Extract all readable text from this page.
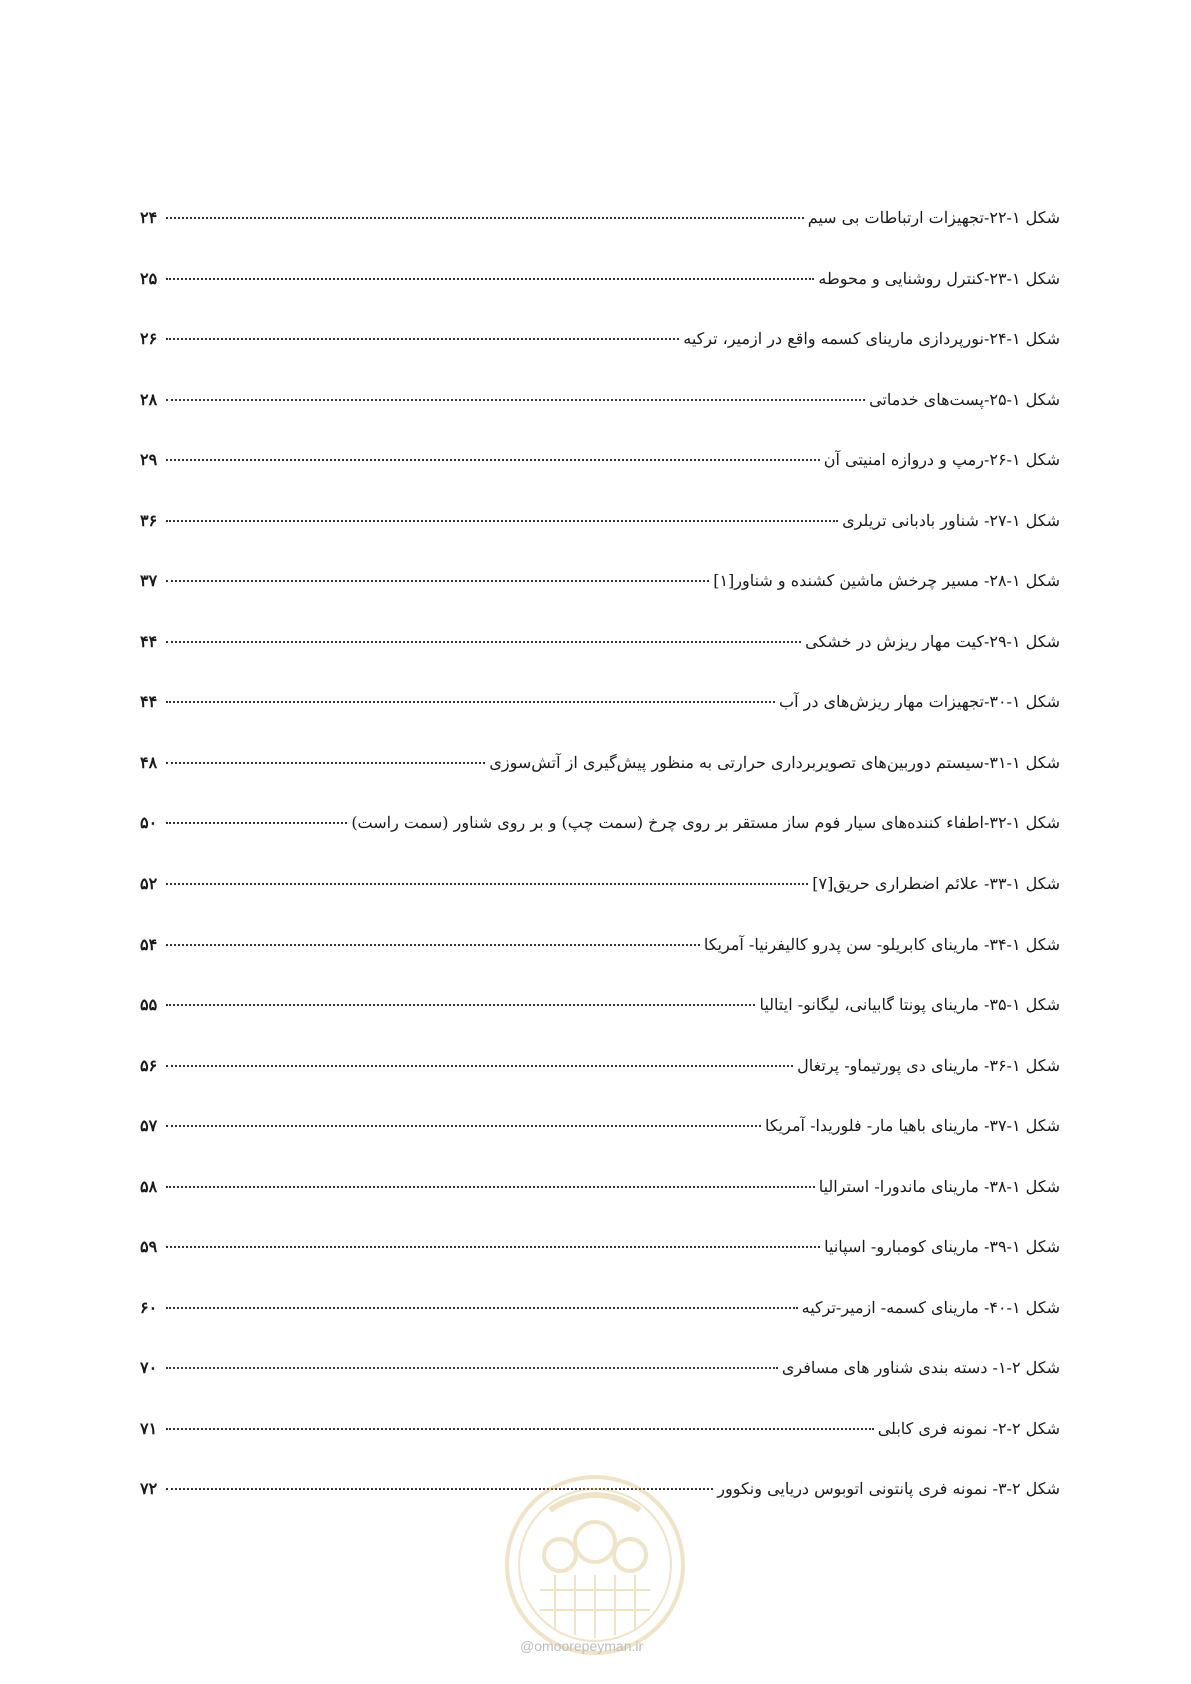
شکل ۱-۲۲-تجهیزات ارتباطات بی سیم
۲۴
شکل ۱-۲۳-کنترل روشنایی و محوطه
۲۵
شکل ۱-۲۴-نورپردازی مارینای کسمه واقع در ازمیر، ترکیه
۲۶
شکل ۱-۲۵-پست‌های خدماتی
۲۸
شکل ۱-۲۶-رمپ و دروازه امنیتی آن
۲۹
شکل ۱-۲۷- شناور بادبانی تریلری
۳۶
شکل ۱-۲۸- مسیر چرخش ماشین کشنده و شناور[۱]
۳۷
شکل ۱-۲۹-کیت مهار ریزش در خشکی
۴۴
شکل ۱-۳۰-تجهیزات مهار ریزش‌های در آب
۴۴
شکل ۱-۳۱-سیستم دوربین‌های تصویربرداری حرارتی به منظور پیش‌گیری از آتش‌سوزی
۴۸
شکل ۱-۳۲-اطفاء کننده‌های سیار فوم ساز مستقر بر روی چرخ (سمت چپ) و بر روی شناور (سمت راست)
۵۰
شکل ۱-۳۳- علائم اضطراری حریق[۷]
۵۲
شکل ۱-۳۴- مارینای کابریلو- سن پدرو کالیفرنیا- آمریکا
۵۴
شکل ۱-۳۵- مارینای پونتا گابیانی، لیگانو- ایتالیا
۵۵
شکل ۱-۳۶- مارینای دی پورتیماو- پرتغال
۵۶
شکل ۱-۳۷- مارینای باهیا مار- فلوریدا- آمریکا
۵۷
شکل ۱-۳۸- مارینای ماندورا- استرالیا
۵۸
شکل ۱-۳۹- مارینای کومبارو- اسپانیا
۵۹
شکل ۱-۴۰- مارینای کسمه- ازمیر-ترکیه
۶۰
شکل ۲-۱- دسته بندی شناور های مسافری
۷۰
شکل ۲-۲- نمونه فری کابلی
۷۱
شکل ۲-۳- نمونه فری پانتونی اتوبوس دریایی ونکوور
۷۲
@omoorepeyman.ir
